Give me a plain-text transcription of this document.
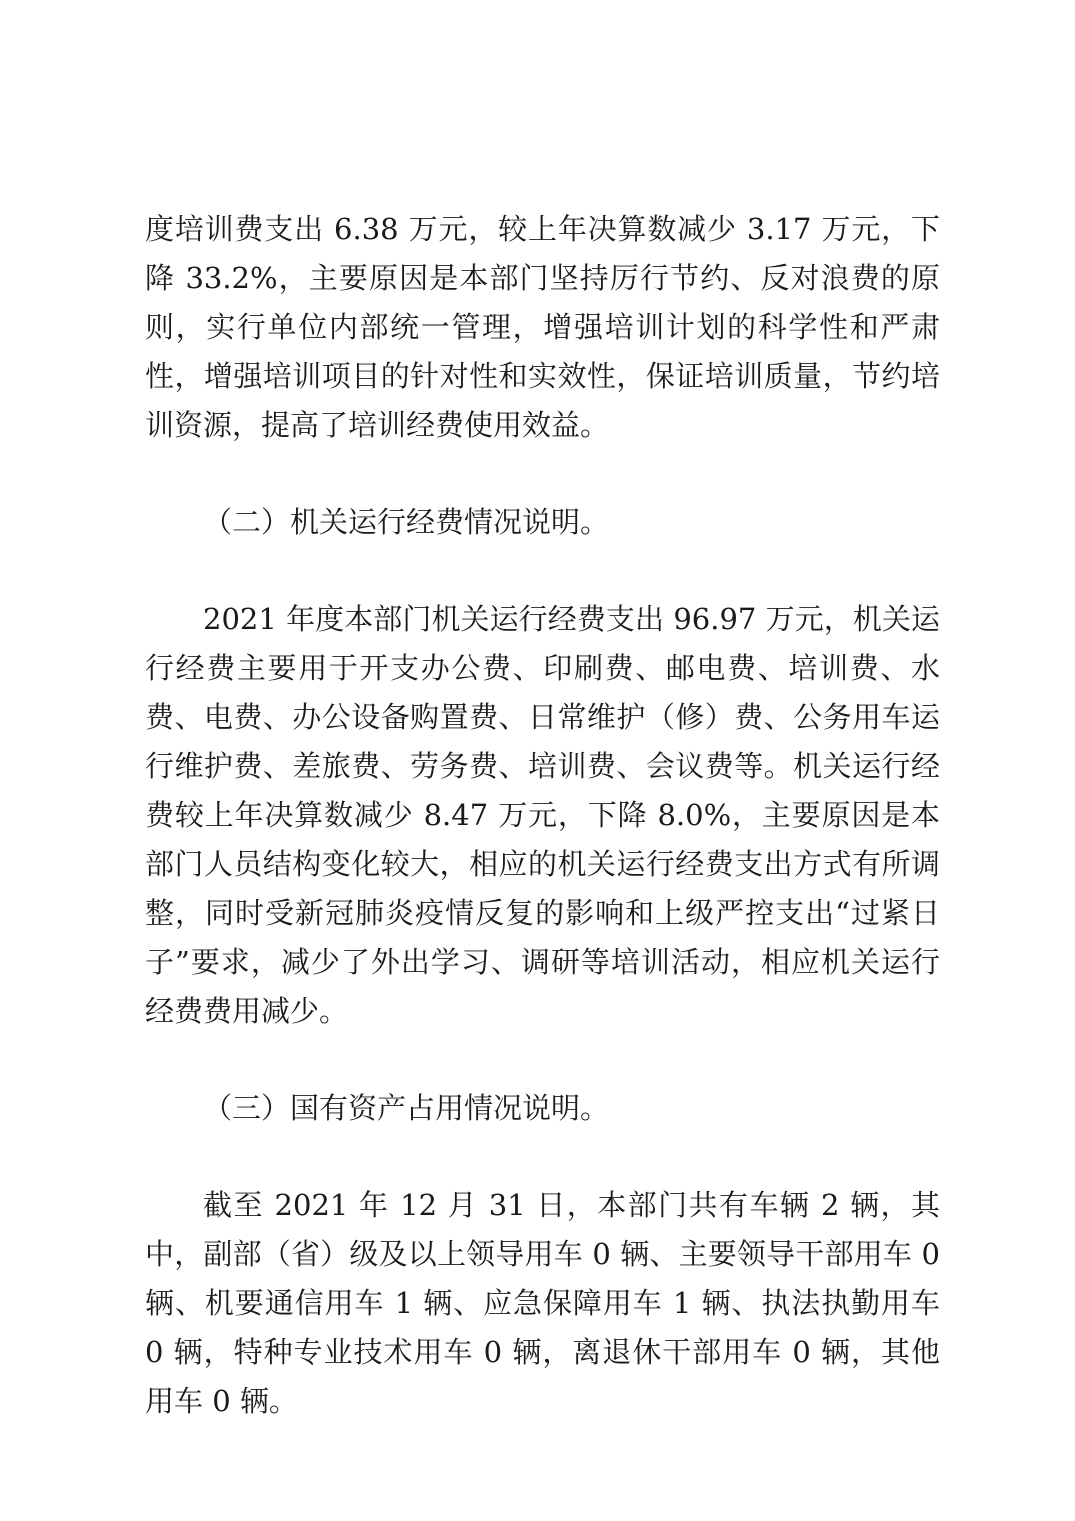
度培训费支出 6.38 万元，较上年决算数减少 3.17 万元，下降 33.2%，主要原因是本部门坚持厉行节约、反对浪费的原则，实行单位内部统一管理，增强培训计划的科学性和严肃性，增强培训项目的针对性和实效性，保证培训质量，节约培训资源，提高了培训经费使用效益。

（二）机关运行经费情况说明。

2021 年度本部门机关运行经费支出 96.97 万元，机关运行经费主要用于开支办公费、印刷费、邮电费、培训费、水费、电费、办公设备购置费、日常维护（修）费、公务用车运行维护费、差旅费、劳务费、培训费、会议费等。机关运行经费较上年决算数减少 8.47 万元，下降 8.0%，主要原因是本部门人员结构变化较大，相应的机关运行经费支出方式有所调整，同时受新冠肺炎疫情反复的影响和上级严控支出“过紧日子”要求，减少了外出学习、调研等培训活动，相应机关运行经费费用减少。

（三）国有资产占用情况说明。

截至 2021 年 12 月 31 日，本部门共有车辆 2 辆，其中，副部（省）级及以上领导用车 0 辆、主要领导干部用车 0 辆、机要通信用车 1 辆、应急保障用车 1 辆、执法执勤用车 0 辆，特种专业技术用车 0 辆，离退休干部用车 0 辆，其他用车 0 辆。
